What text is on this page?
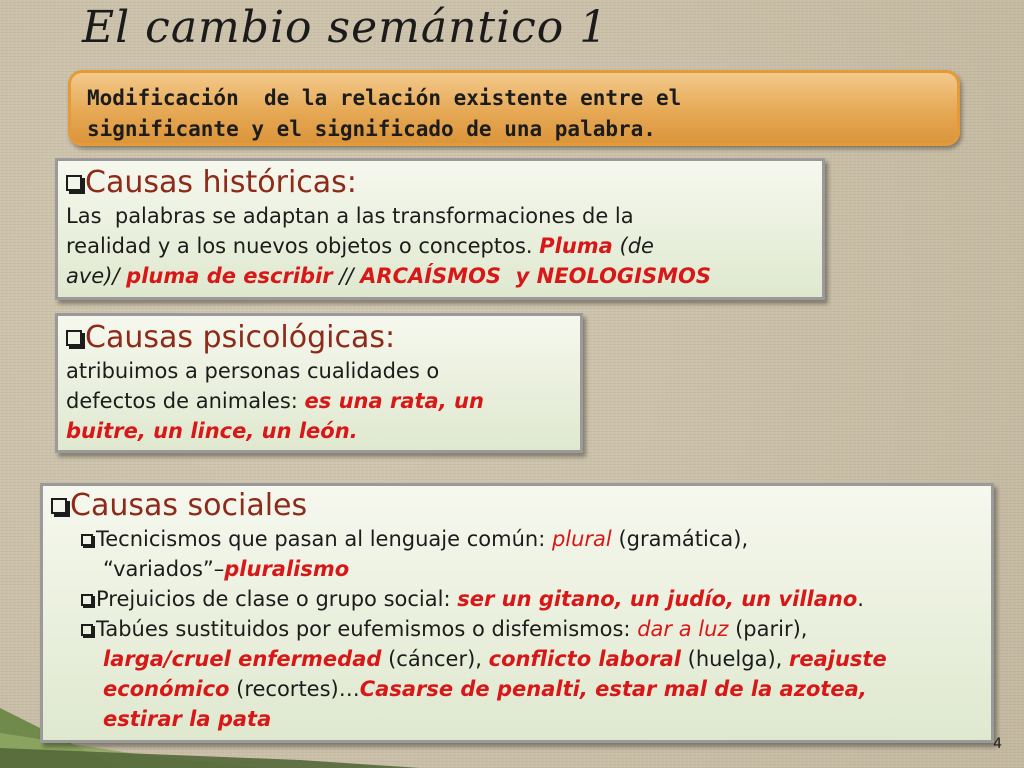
El cambio semántico 1
Modificación  de la relación existente entre el
significante y el significado de una palabra.
Causas históricas:
Las  palabras se adaptan a las transformaciones de la
realidad y a los nuevos objetos o conceptos. Pluma (de
ave)/ pluma de escribir // ARCAÍSMOS  y NEOLOGISMOS
Causas psicológicas:
atribuimos a personas cualidades o
defectos de animales: es una rata, un
buitre, un lince, un león.
Causas sociales
Tecnicismos que pasan al lenguaje común: plural (gramática),
“variados”–pluralismo
Prejuicios de clase o grupo social: ser un gitano, un judío, un villano.
Tabúes sustituidos por eufemismos o disfemismos: dar a luz (parir),
larga/cruel enfermedad (cáncer), conflicto laboral (huelga), reajuste
económico (recortes)…Casarse de penalti, estar mal de la azotea,
estirar la pata
4
